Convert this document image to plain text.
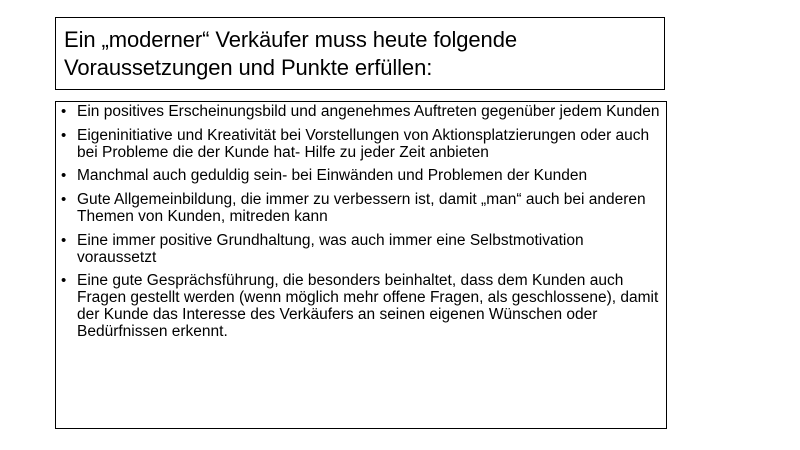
Ein „moderner“ Verkäufer muss heute folgende Voraussetzungen und Punkte erfüllen:
• Ein positives Erscheinungsbild und angenehmes Auftreten gegenüber jedem Kunden
• Eigeninitiative und Kreativität bei Vorstellungen von Aktionsplatzierungen oder auch bei Probleme die der Kunde hat- Hilfe zu jeder Zeit anbieten
• Manchmal auch geduldig sein- bei Einwänden und Problemen der Kunden
• Gute Allgemeinbildung, die immer zu verbessern ist, damit „man“ auch bei anderen Themen von Kunden, mitreden kann
• Eine immer positive Grundhaltung, was auch immer eine Selbstmotivation voraussetzt
• Eine gute Gesprächsführung, die besonders beinhaltet, dass dem Kunden auch Fragen gestellt werden (wenn möglich mehr offene Fragen, als geschlossene), damit der Kunde das Interesse des Verkäufers an seinen eigenen Wünschen oder Bedürfnissen erkennt.
